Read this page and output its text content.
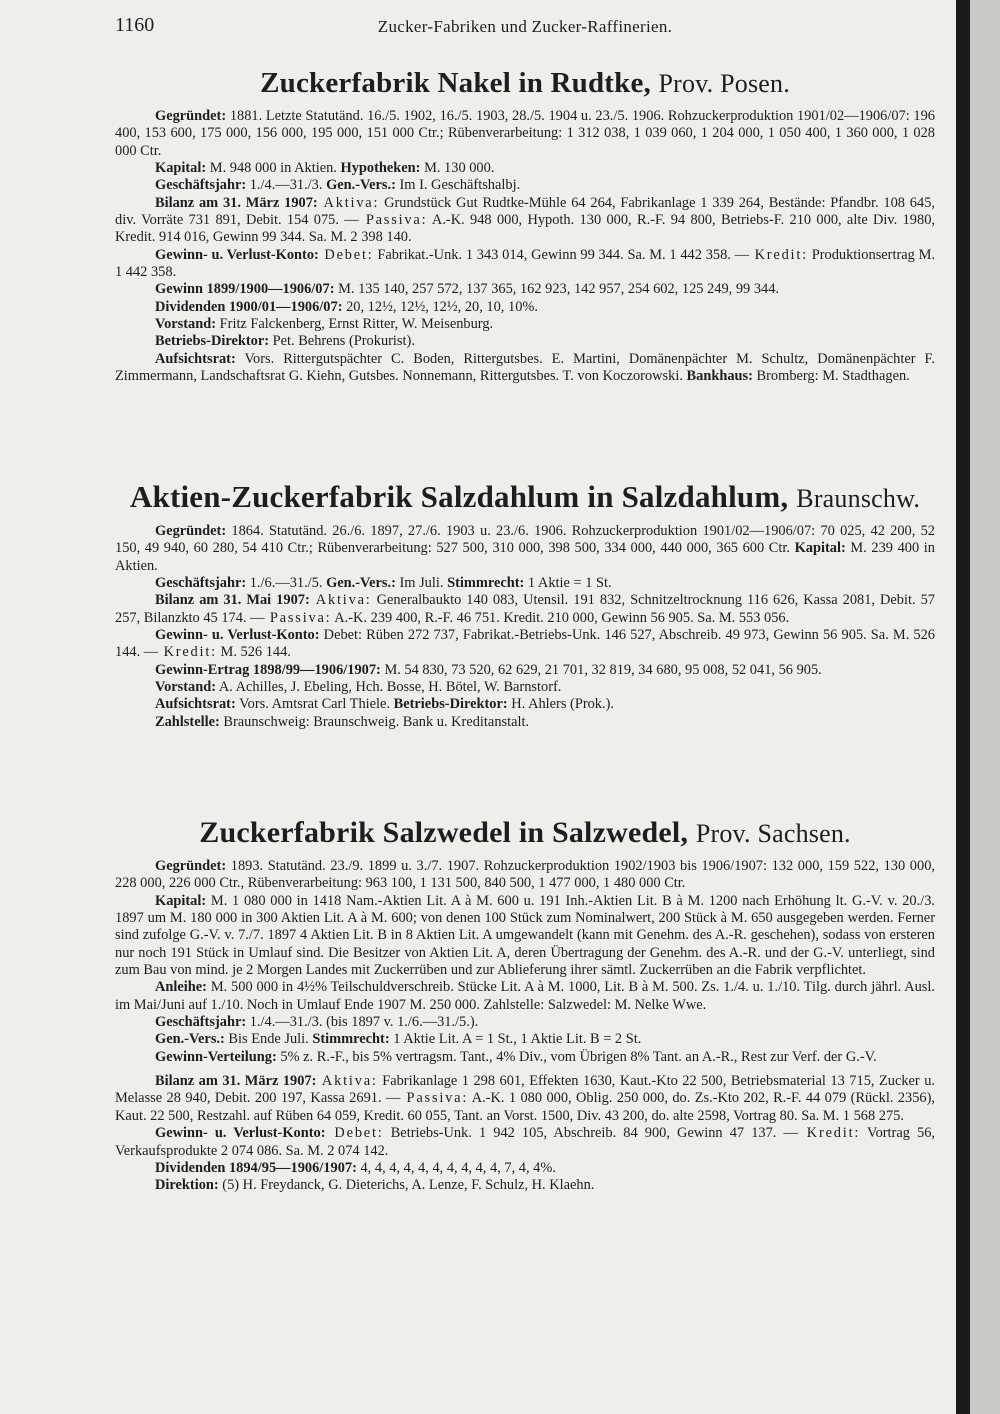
1160	Zucker-Fabriken und Zucker-Raffinerien.
Zuckerfabrik Nakel in Rudtke, Prov. Posen.

Gegründet: 1881. Letzte Statutänd. 16./5. 1902, 16./5. 1903, 28./5. 1904 u. 23./5. 1906. Rohzuckerproduktion 1901/02—1906/07: 196 400, 153 600, 175 000, 156 000, 195 000, 151 000 Ctr.; Rübenverarbeitung: 1 312 038, 1 039 060, 1 204 000, 1 050 400, 1 360 000, 1 028 000 Ctr.

Kapital: M. 948 000 in Aktien. Hypotheken: M. 130 000.

Geschäftsjahr: 1./4.—31./3. Gen.-Vers.: Im I. Geschäftshalbj.

Bilanz am 31. März 1907: Aktiva: Grundstück Gut Rudtke-Mühle 64 264, Fabrikanlage 1 339 264, Bestände: Pfandbr. 108 645, div. Vorräte 731 891, Debit. 154 075. — Passiva: A.-K. 948 000, Hypoth. 130 000, R.-F. 94 800, Betriebs-F. 210 000, alte Div. 1980, Kredit. 914 016, Gewinn 99 344. Sa. M. 2 398 140.

Gewinn- u. Verlust-Konto: Debet: Fabrikat.-Unk. 1 343 014, Gewinn 99 344. Sa. M. 1 442 358. — Kredit: Produktionsertrag M. 1 442 358.

Gewinn 1899/1900—1906/07: M. 135 140, 257 572, 137 365, 162 923, 142 957, 254 602, 125 249, 99 344.

Dividenden 1900/01—1906/07: 20, 12½, 12½, 12½, 20, 10, 10%.

Vorstand: Fritz Falckenberg, Ernst Ritter, W. Meisenburg.

Betriebs-Direktor: Pet. Behrens (Prokurist).

Aufsichtsrat: Vors. Rittergutspächter C. Boden, Rittergutsbes. E. Martini, Domänenpächter M. Schultz, Domänenpächter F. Zimmermann, Landschaftsrat G. Kiehn, Gutsbes. Nonnemann, Rittergutsbes. T. von Koczorowski. Bankhaus: Bromberg: M. Stadthagen.

Aktien-Zuckerfabrik Salzdahlum in Salzdahlum, Braunschw.

Gegründet: 1864. Statutänd. 26./6. 1897, 27./6. 1903 u. 23./6. 1906. Rohzuckerproduktion 1901/02—1906/07: 70 025, 42 200, 52 150, 49 940, 60 280, 54 410 Ctr.; Rübenverarbeitung: 527 500, 310 000, 398 500, 334 000, 440 000, 365 600 Ctr. Kapital: M. 239 400 in Aktien.

Geschäftsjahr: 1./6.—31./5. Gen.-Vers.: Im Juli. Stimmrecht: 1 Aktie = 1 St.

Bilanz am 31. Mai 1907: Aktiva: Generalbaukto 140 083, Utensil. 191 832, Schnitzeltrocknung 116 626, Kassa 2081, Debit. 57 257, Bilanzkto 45 174. — Passiva: A.-K. 239 400, R.-F. 46 751. Kredit. 210 000, Gewinn 56 905. Sa. M. 553 056.

Gewinn- u. Verlust-Konto: Debet: Rüben 272 737, Fabrikat.-Betriebs-Unk. 146 527, Abschreib. 49 973, Gewinn 56 905. Sa. M. 526 144. — Kredit: M. 526 144.

Gewinn-Ertrag 1898/99—1906/1907: M. 54 830, 73 520, 62 629, 21 701, 32 819, 34 680, 95 008, 52 041, 56 905.

Vorstand: A. Achilles, J. Ebeling, Hch. Bosse, H. Bötel, W. Barnstorf.

Aufsichtsrat: Vors. Amtsrat Carl Thiele. Betriebs-Direktor: H. Ahlers (Prok.).

Zahlstelle: Braunschweig: Braunschweig. Bank u. Kreditanstalt.

Zuckerfabrik Salzwedel in Salzwedel, Prov. Sachsen.

Gegründet: 1893. Statutänd. 23./9. 1899 u. 3./7. 1907. Rohzuckerproduktion 1902/1903 bis 1906/1907: 132 000, 159 522, 130 000, 228 000, 226 000 Ctr., Rübenverarbeitung: 963 100, 1 131 500, 840 500, 1 477 000, 1 480 000 Ctr.

Kapital: M. 1 080 000 in 1418 Nam.-Aktien Lit. A à M. 600 u. 191 Inh.-Aktien Lit. B à M. 1200 nach Erhöhung lt. G.-V. v. 20./3. 1897 um M. 180 000 in 300 Aktien Lit. A à M. 600; von denen 100 Stück zum Nominalwert, 200 Stück à M. 650 ausgegeben werden. Ferner sind zufolge G.-V. v. 7./7. 1897 4 Aktien Lit. B in 8 Aktien Lit. A umgewandelt (kann mit Genehm. des A.-R. geschehen), sodass von ersteren nur noch 191 Stück in Umlauf sind. Die Besitzer von Aktien Lit. A, deren Übertragung der Genehm. des A.-R. und der G.-V. unterliegt, sind zum Bau von mind. je 2 Morgen Landes mit Zuckerrüben und zur Ablieferung ihrer sämtl. Zuckerrüben an die Fabrik verpflichtet.

Anleihe: M. 500 000 in 4½% Teilschuldverschreib. Stücke Lit. A à M. 1000, Lit. B à M. 500. Zs. 1./4. u. 1./10. Tilg. durch jährl. Ausl. im Mai/Juni auf 1./10. Noch in Umlauf Ende 1907 M. 250 000. Zahlstelle: Salzwedel: M. Nelke Wwe.

Geschäftsjahr: 1./4.—31./3. (bis 1897 v. 1./6.—31./5.).

Gen.-Vers.: Bis Ende Juli. Stimmrecht: 1 Aktie Lit. A = 1 St., 1 Aktie Lit. B = 2 St.

Gewinn-Verteilung: 5% z. R.-F., bis 5% vertragsm. Tant., 4% Div., vom Übrigen 8% Tant. an A.-R., Rest zur Verf. der G.-V.

Bilanz am 31. März 1907: Aktiva: Fabrikanlage 1 298 601, Effekten 1630, Kaut.-Kto 22 500, Betriebsmaterial 13 715, Zucker u. Melasse 28 940, Debit. 200 197, Kassa 2691. — Passiva: A.-K. 1 080 000, Oblig. 250 000, do. Zs.-Kto 202, R.-F. 44 079 (Rückl. 2356), Kaut. 22 500, Restzahl. auf Rüben 64 059, Kredit. 60 055, Tant. an Vorst. 1500, Div. 43 200, do. alte 2598, Vortrag 80. Sa. M. 1 568 275.

Gewinn- u. Verlust-Konto: Debet: Betriebs-Unk. 1 942 105, Abschreib. 84 900, Gewinn 47 137. — Kredit: Vortrag 56, Verkaufsprodukte 2 074 086. Sa. M. 2 074 142.

Dividenden 1894/95—1906/1907: 4, 4, 4, 4, 4, 4, 4, 4, 4, 4, 7, 4, 4%.

Direktion: (5) H. Freydanck, G. Dieterichs, A. Lenze, F. Schulz, H. Klaehn.
